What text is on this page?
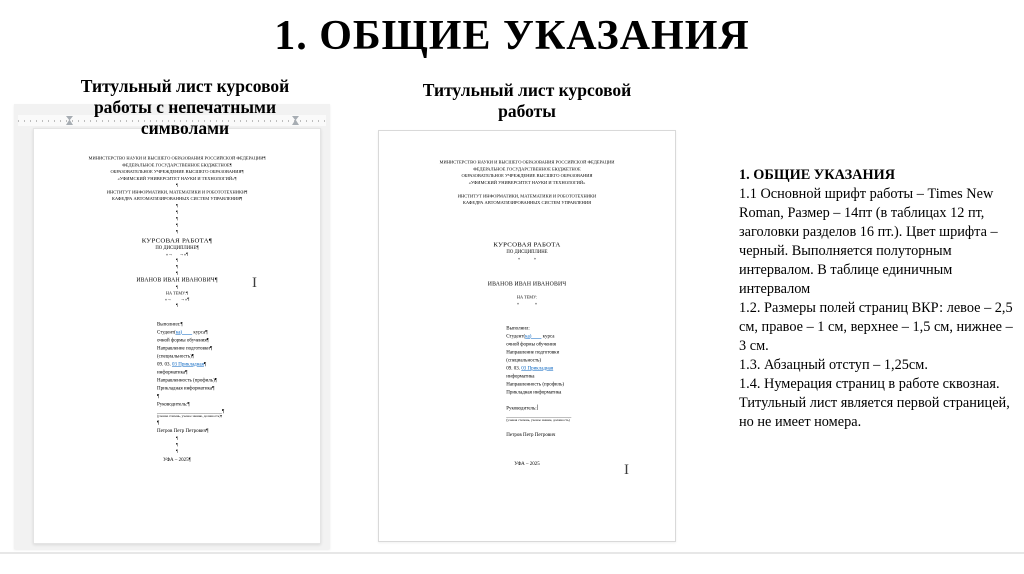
1. ОБЩИЕ УКАЗАНИЯ
Титульный лист курсовой
работы с непечатными
символами
Титульный лист курсовой
работы
МИНИСТЕРСТВО НАУКИ И ВЫСШЕГО ОБРАЗОВАНИЯ РОССИЙСКОЙ ФЕДЕРАЦИИ¶
ФЕДЕРАЛЬНОЕ ГОСУДАРСТВЕННОЕ БЮДЖЕТНОЕ¶
ОБРАЗОВАТЕЛЬНОЕ УЧРЕЖДЕНИЕ ВЫСШЕГО ОБРАЗОВАНИЯ¶
«УФИМСКИЙ УНИВЕРСИТЕТ НАУКИ И ТЕХНОЛОГИЙ»¶
¶
ИНСТИТУТ ИНФОРМАТИКИ, МАТЕМАТИКИ И РОБОТОТЕХНИКИ¶
КАФЕДРА АВТОМАТИЗИРОВАННЫХ СИСТЕМ УПРАВЛЕНИЯ¶
¶
¶
¶
¶
¶
КУРСОВАЯ РАБОТА¶
ПО ДИСЦИПЛИНЕ¶
«→      →»¶
¶
¶
¶
ИВАНОВ ИВАН ИВАНОВИЧ¶
¶
НА ТЕМУ:¶
«→        →»¶
¶
Выполнил:¶
Студент(ка)____ курса¶
очной формы обучения¶
Направление подготовки¶
(специальность)¶
09. 03. 03 Прикладная¶
информатика¶
Направленность (профиль)¶
Прикладная информатика¶
¶
Руководитель:¶
__________________________¶
(ученая степень, ученое звание, должность)¶
¶
Петров Петр Петрович¶
¶
¶
¶
УФА – 2025¶
МИНИСТЕРСТВО НАУКИ И ВЫСШЕГО ОБРАЗОВАНИЯ РОССИЙСКОЙ ФЕДЕРАЦИИ
ФЕДЕРАЛЬНОЕ ГОСУДАРСТВЕННОЕ БЮДЖЕТНОЕ
ОБРАЗОВАТЕЛЬНОЕ УЧРЕЖДЕНИЕ ВЫСШЕГО ОБРАЗОВАНИЯ
«УФИМСКИЙ УНИВЕРСИТЕТ НАУКИ И ТЕХНОЛОГИЙ»
ИНСТИТУТ ИНФОРМАТИКИ, МАТЕМАТИКИ И РОБОТОТЕХНИКИ
КАФЕДРА АВТОМАТИЗИРОВАННЫХ СИСТЕМ УПРАВЛЕНИЯ
КУРСОВАЯ РАБОТА
ПО ДИСЦИПЛИНЕ
«            »
ИВАНОВ ИВАН ИВАНОВИЧ
НА ТЕМУ:
«              »
Выполнил:
Студент(ка)____ курса
очной формы обучения
Направление подготовки
(специальность)
09. 03. 03 Прикладная
информатика
Направленность (профиль)
Прикладная информатика
Руководитель:
__________________________
(ученая степень, ученое звание, должность)
Петров Петр Петрович
УФА – 2025
1. ОБЩИЕ УКАЗАНИЯ
1.1 Основной шрифт работы – Times New Roman, Размер – 14пт (в таблицах 12 пт, заголовки разделов 16 пт.). Цвет шрифта – черный. Выполняется полуторным интервалом. В таблице единичным интервалом
1.2. Размеры полей страниц ВКР: левое – 2,5 см, правое – 1 см, верхнее – 1,5 см, нижнее – 3 см.
1.3. Абзацный отступ – 1,25см.
1.4. Нумерация страниц в работе сквозная. Титульный лист является первой страницей, но не имеет номера.
I
I
